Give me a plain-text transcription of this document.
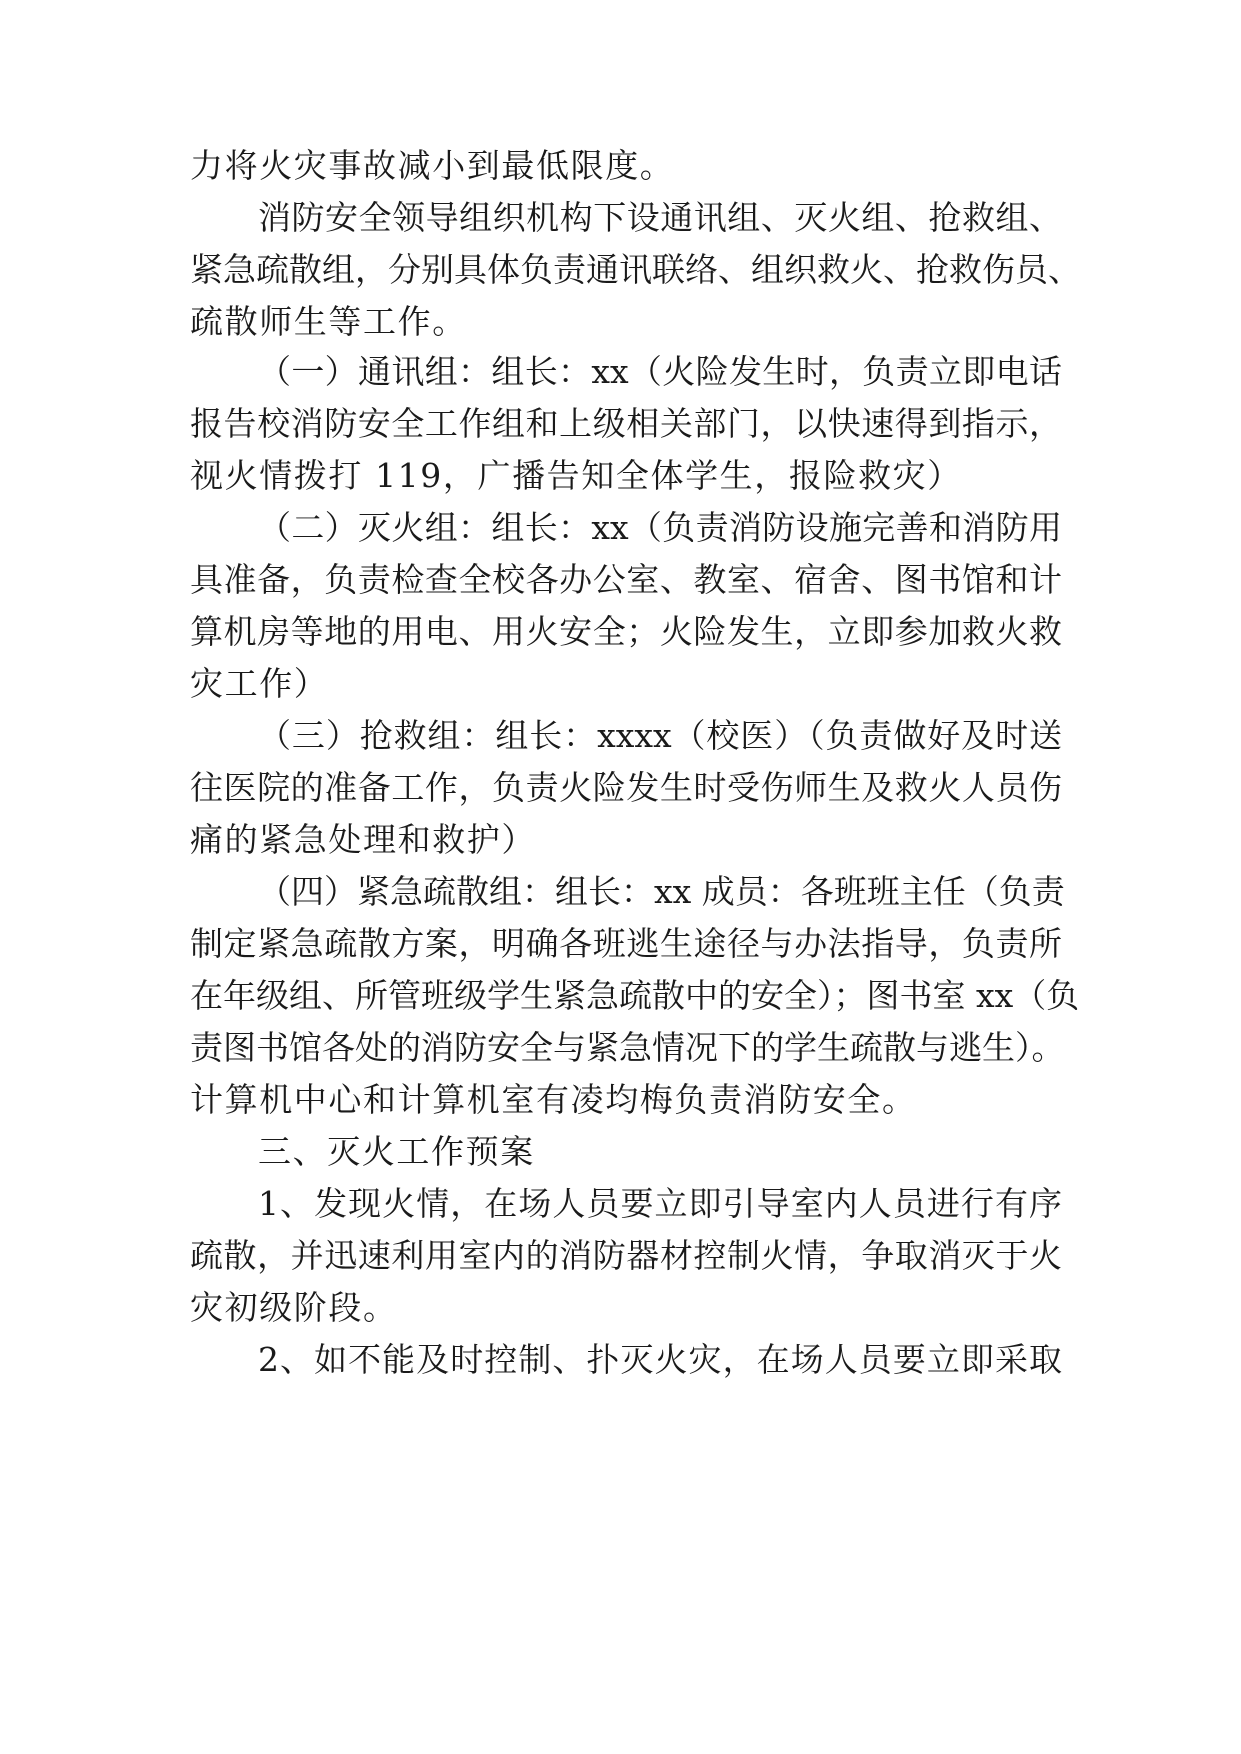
力将火灾事故减小到最低限度。
消防安全领导组织机构下设通讯组、灭火组、抢救组、
紧急疏散组，分别具体负责通讯联络、组织救火、抢救伤员、
疏散师生等工作。
（一）通讯组：组长：xx（火险发生时，负责立即电话
报告校消防安全工作组和上级相关部门，以快速得到指示，
视火情拨打 119，广播告知全体学生，报险救灾）
（二）灭火组：组长：xx（负责消防设施完善和消防用
具准备，负责检查全校各办公室、教室、宿舍、图书馆和计
算机房等地的用电、用火安全；火险发生，立即参加救火救
灾工作）
（三）抢救组：组长：xxxx（校医）（负责做好及时送
往医院的准备工作，负责火险发生时受伤师生及救火人员伤
痛的紧急处理和救护）
（四）紧急疏散组：组长：xx 成员：各班班主任（负责
制定紧急疏散方案，明确各班逃生途径与办法指导，负责所
在年级组、所管班级学生紧急疏散中的安全）；图书室 xx（负
责图书馆各处的消防安全与紧急情况下的学生疏散与逃生）。
计算机中心和计算机室有凌均梅负责消防安全。
三、灭火工作预案
1、发现火情，在场人员要立即引导室内人员进行有序
疏散，并迅速利用室内的消防器材控制火情，争取消灭于火
灾初级阶段。
2、如不能及时控制、扑灭火灾，在场人员要立即采取
